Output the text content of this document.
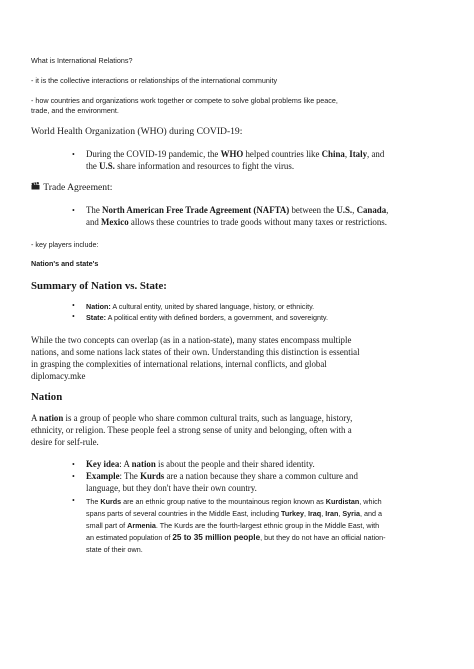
What is International Relations?
- it is the collective interactions or relationships of the international community
- how countries and organizations work together or compete to solve global problems like peace,
trade, and the environment.
World Health Organization (WHO) during COVID-19:
• During the COVID-19 pandemic, the WHO helped countries like China, Italy, and
the U.S. share information and resources to fight the virus.
Trade Agreement:
• The North American Free Trade Agreement (NAFTA) between the U.S., Canada,
and Mexico allows these countries to trade goods without many taxes or restrictions.
- key players include:
Nation's and state's
Summary of Nation vs. State:
• Nation: A cultural entity, united by shared language, history, or ethnicity.
• State: A political entity with defined borders, a government, and sovereignty.
While the two concepts can overlap (as in a nation-state), many states encompass multiple
nations, and some nations lack states of their own. Understanding this distinction is essential
in grasping the complexities of international relations, internal conflicts, and global
diplomacy.mke
Nation
A nation is a group of people who share common cultural traits, such as language, history,
ethnicity, or religion. These people feel a strong sense of unity and belonging, often with a
desire for self-rule.
• Key idea: A nation is about the people and their shared identity.
• Example: The Kurds are a nation because they share a common culture and
language, but they don't have their own country.
• The Kurds are an ethnic group native to the mountainous region known as Kurdistan, which
spans parts of several countries in the Middle East, including Turkey, Iraq, Iran, Syria, and a
small part of Armenia. The Kurds are the fourth-largest ethnic group in the Middle East, with
an estimated population of 25 to 35 million people, but they do not have an official nation-
state of their own.
